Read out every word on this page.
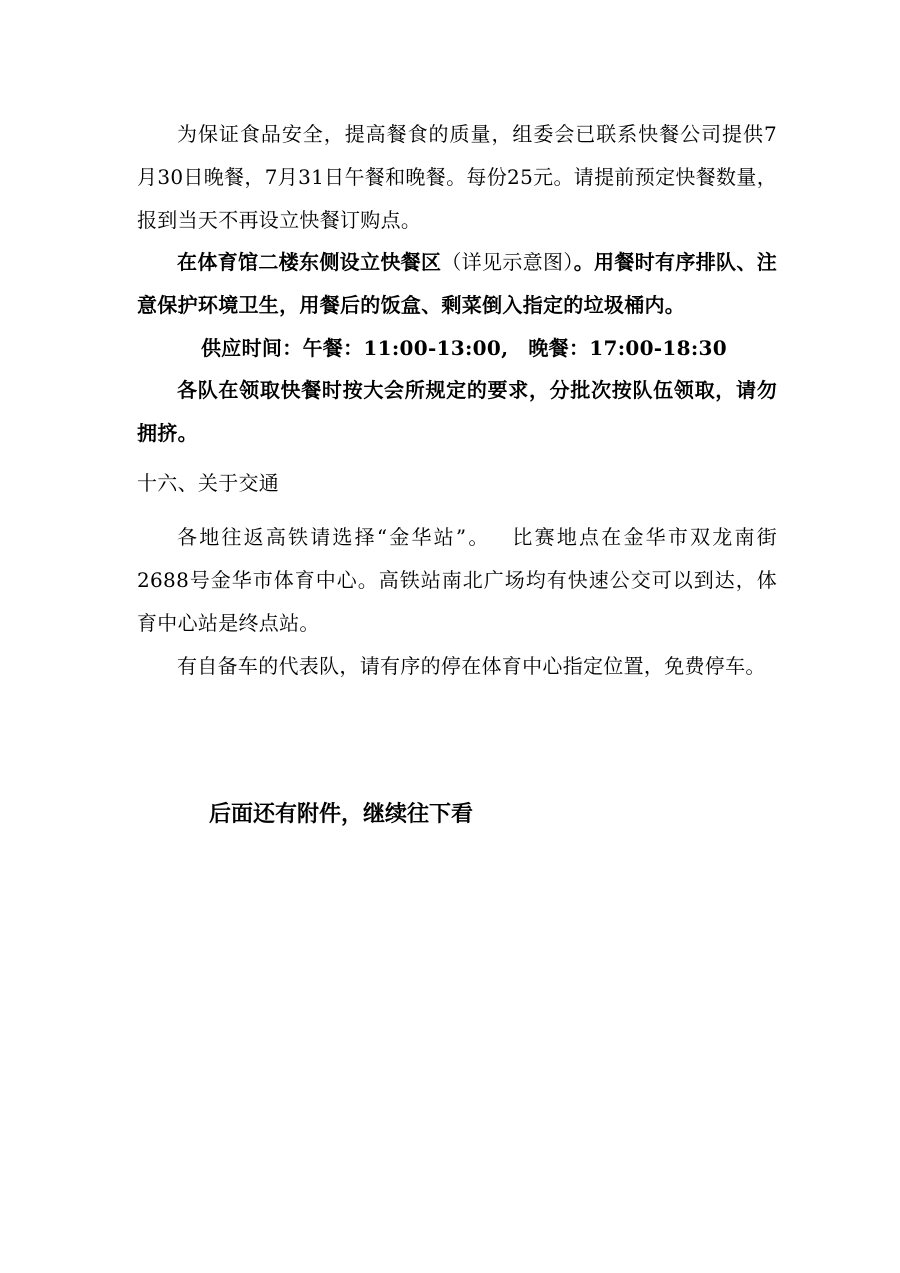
为保证食品安全，提高餐食的质量，组委会已联系快餐公司提供7月30日晚餐，7月31日午餐和晚餐。每份25元。请提前预定快餐数量，报到当天不再设立快餐订购点。

在体育馆二楼东侧设立快餐区（详见示意图）。用餐时有序排队、注意保护环境卫生，用餐后的饭盒、剩菜倒入指定的垃圾桶内。

供应时间：午餐：11:00-13:00, 晚餐：17:00-18:30

各队在领取快餐时按大会所规定的要求，分批次按队伍领取，请勿拥挤。

十六、关于交通

各地往返高铁请选择“金华站”。 比赛地点在金华市双龙南街2688号金华市体育中心。高铁站南北广场均有快速公交可以到达，体育中心站是终点站。

有自备车的代表队，请有序的停在体育中心指定位置，免费停车。

后面还有附件，继续往下看
